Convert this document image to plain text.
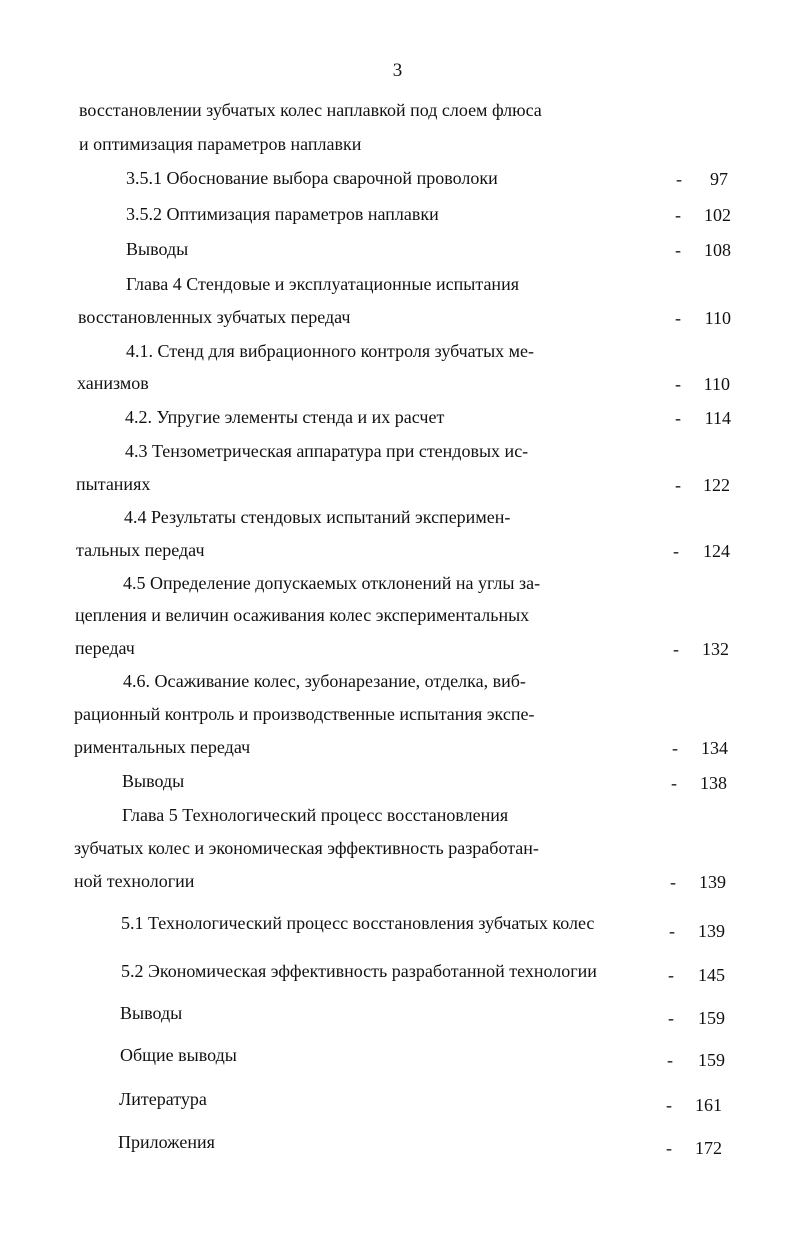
3
восстановлении зубчатых колес наплавкой под слоем флюса
и оптимизация параметров наплавки
3.5.1 Обоснование выбора сварочной проволоки
3.5.2 Оптимизация параметров наплавки
Выводы
Глава 4 Стендовые и эксплуатационные испытания
восстановленных зубчатых передач
4.1. Стенд для вибрационного контроля зубчатых ме-
ханизмов
4.2. Упругие элементы стенда и их расчет
4.3 Тензометрическая аппаратура при стендовых ис-
пытаниях
4.4 Результаты стендовых испытаний эксперимен-
тальных передач
4.5 Определение допускаемых отклонений на углы за-
цепления и величин осаживания колес экспериментальных
передач
4.6. Осаживание колес, зубонарезание, отделка, виб-
рационный контроль и производственные испытания экспе-
риментальных передач
Выводы
Глава 5 Технологический процесс восстановления
зубчатых колес и экономическая эффективность разработан-
ной технологии
5.1 Технологический процесс восстановления зубчатых колес
5.2 Экономическая эффективность разработанной технологии
Выводы
Общие выводы
Литература
Приложения
-
-
-
-
-
-
-
-
-
-
-
-
-
-
-
-
-
-
97
102
108
110
110
114
122
124
132
134
138
139
139
145
159
159
161
172
